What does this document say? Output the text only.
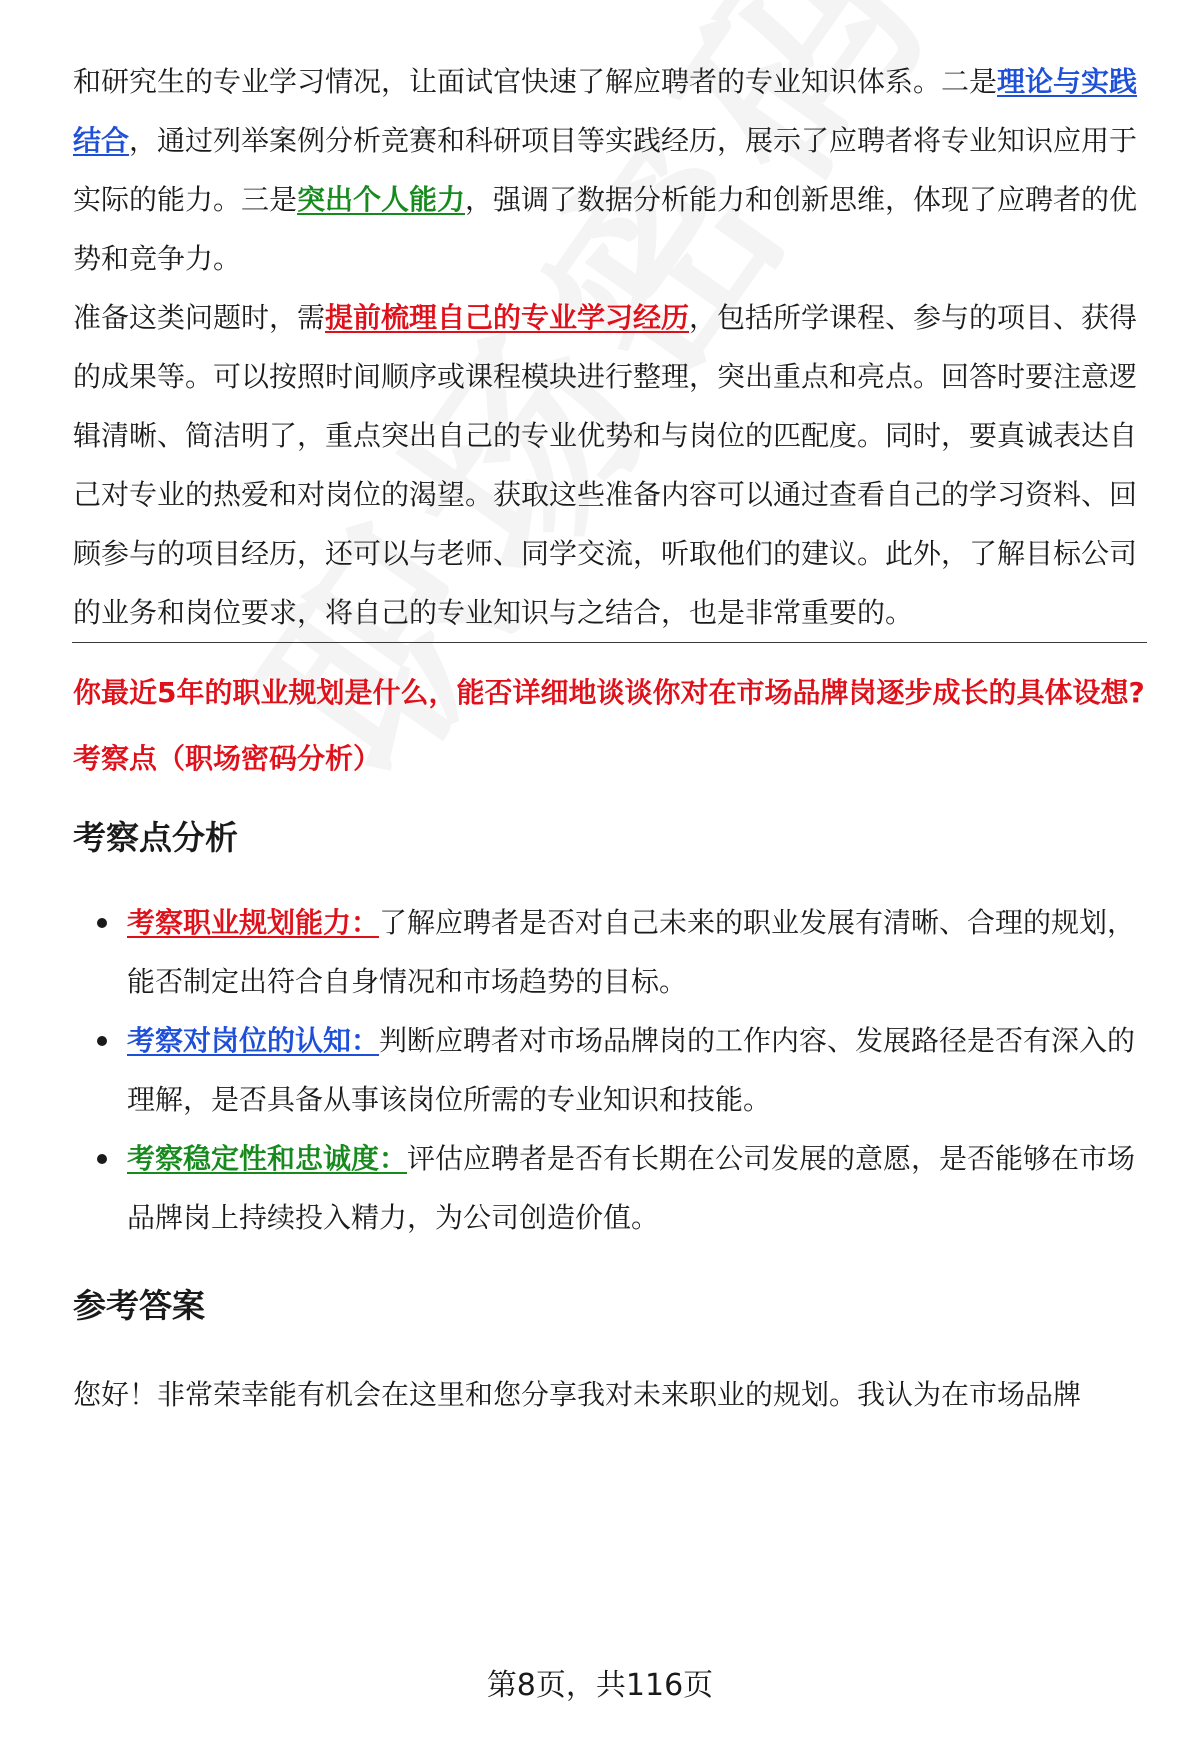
和研究生的专业学习情况，让面试官快速了解应聘者的专业知识体系。二是理论与实践结合，通过列举案例分析竞赛和科研项目等实践经历，展示了应聘者将专业知识应用于实际的能力。三是突出个人能力，强调了数据分析能力和创新思维，体现了应聘者的优势和竞争力。

准备这类问题时，需提前梳理自己的专业学习经历，包括所学课程、参与的项目、获得的成果等。可以按照时间顺序或课程模块进行整理，突出重点和亮点。回答时要注意逻辑清晰、简洁明了，重点突出自己的专业优势和与岗位的匹配度。同时，要真诚表达自己对专业的热爱和对岗位的渴望。获取这些准备内容可以通过查看自己的学习资料、回顾参与的项目经历，还可以与老师、同学交流，听取他们的建议。此外，了解目标公司的业务和岗位要求，将自己的专业知识与之结合，也是非常重要的。

你最近5年的职业规划是什么，能否详细地谈谈你对在市场品牌岗逐步成长的具体设想?

考察点（职场密码分析）

考察点分析
考察职业规划能力：了解应聘者是否对自己未来的职业发展有清晰、合理的规划，能否制定出符合自身情况和市场趋势的目标。
考察对岗位的认知：判断应聘者对市场品牌岗的工作内容、发展路径是否有深入的理解，是否具备从事该岗位所需的专业知识和技能。
考察稳定性和忠诚度：评估应聘者是否有长期在公司发展的意愿，是否能够在市场品牌岗上持续投入精力，为公司创造价值。
参考答案

您好！非常荣幸能有机会在这里和您分享我对未来职业的规划。我认为在市场品牌

第8页，共116页
